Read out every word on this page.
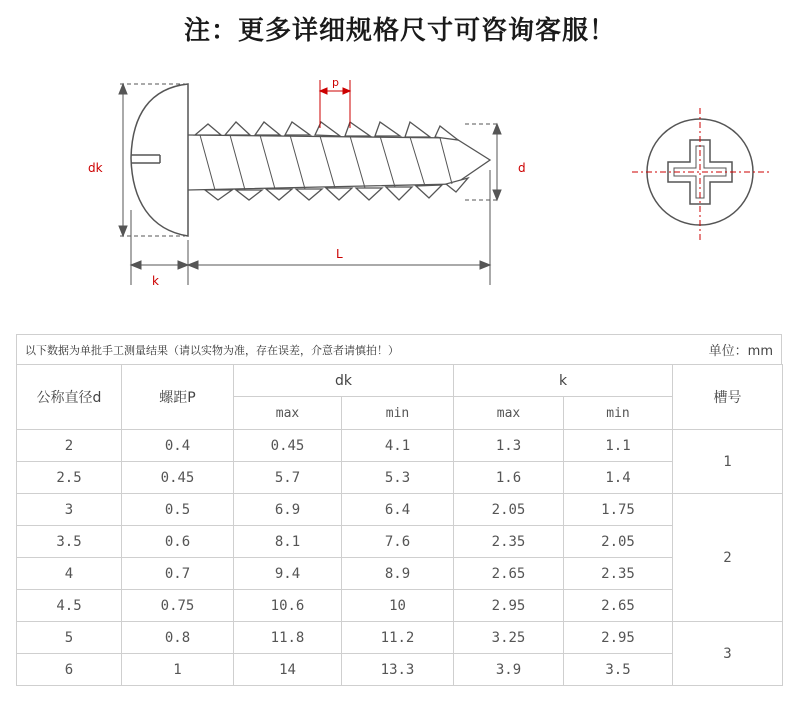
注：更多详细规格尺寸可咨询客服！
dk
p
d
L
k
以下数据为单批手工测量结果（请以实物为准，存在误差，介意者请慎拍！）	单位：mm
公称直径d	螺距P	dk		k		槽号
		max	min	max	min	
2	0.4	0.45	4.1	1.3	1.1	1
2.5	0.45	5.7	5.3	1.6	1.4	
3	0.5	6.9	6.4	2.05	1.75	2
3.5	0.6	8.1	7.6	2.35	2.05	
4	0.7	9.4	8.9	2.65	2.35	
4.5	0.75	10.6	10	2.95	2.65	
5	0.8	11.8	11.2	3.25	2.95	3
6	1	14	13.3	3.9	3.5	
